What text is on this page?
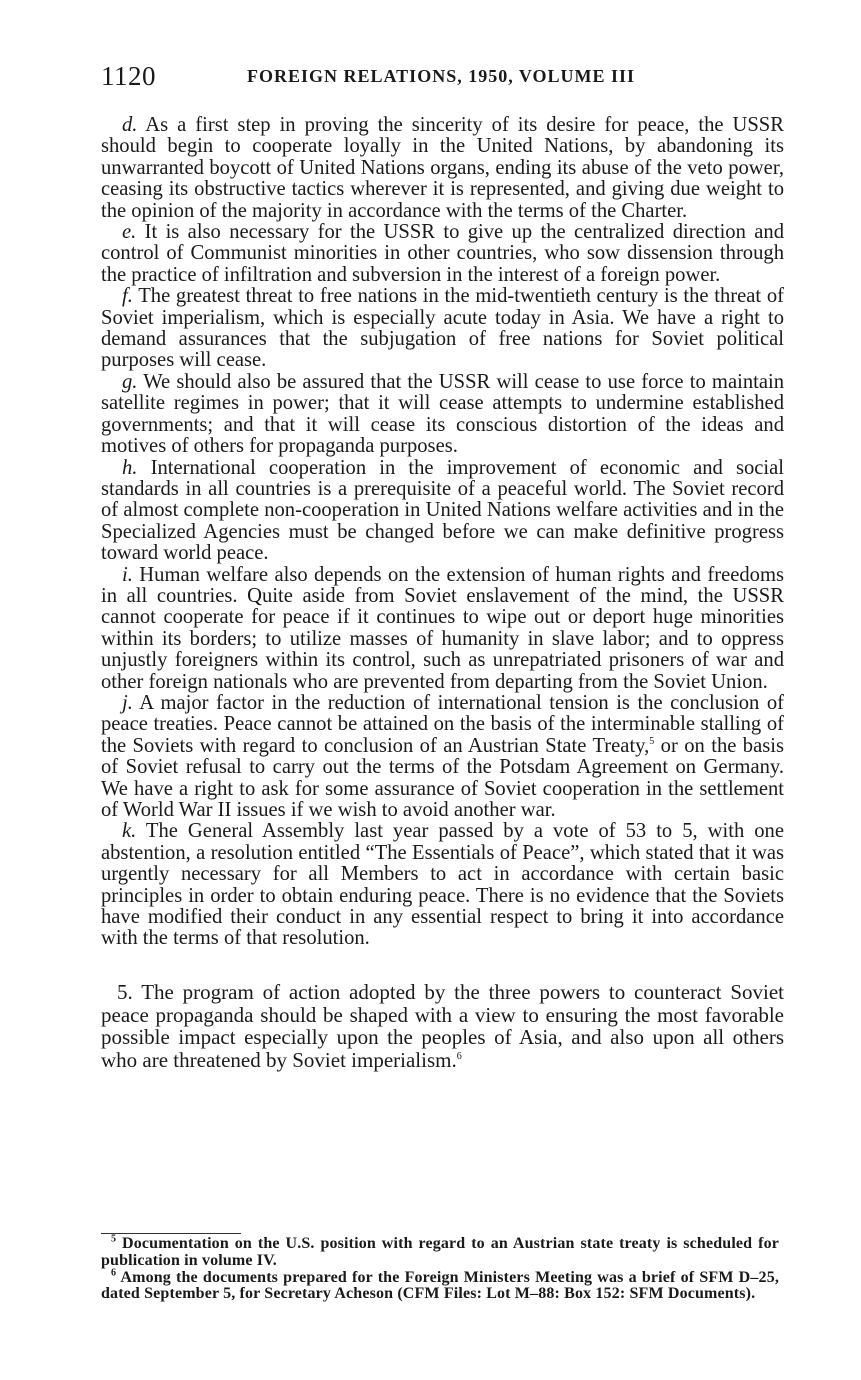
1120	FOREIGN RELATIONS, 1950, VOLUME III

d. As a first step in proving the sincerity of its desire for peace, the USSR should begin to cooperate loyally in the United Nations, by abandoning its unwarranted boycott of United Nations organs, ending its abuse of the veto power, ceasing its obstructive tactics wherever it is represented, and giving due weight to the opinion of the majority in accordance with the terms of the Charter.

e. It is also necessary for the USSR to give up the centralized direction and control of Communist minorities in other countries, who sow dissension through the practice of infiltration and subversion in the interest of a foreign power.

f. The greatest threat to free nations in the mid-twentieth century is the threat of Soviet imperialism, which is especially acute today in Asia. We have a right to demand assurances that the subjugation of free nations for Soviet political purposes will cease.

g. We should also be assured that the USSR will cease to use force to maintain satellite regimes in power; that it will cease attempts to undermine established governments; and that it will cease its conscious distortion of the ideas and motives of others for propaganda purposes.

h. International cooperation in the improvement of economic and social standards in all countries is a prerequisite of a peaceful world. The Soviet record of almost complete non-cooperation in United Nations welfare activities and in the Specialized Agencies must be changed before we can make definitive progress toward world peace.

i. Human welfare also depends on the extension of human rights and freedoms in all countries. Quite aside from Soviet enslavement of the mind, the USSR cannot cooperate for peace if it continues to wipe out or deport huge minorities within its borders; to utilize masses of humanity in slave labor; and to oppress unjustly foreigners within its control, such as unrepatriated prisoners of war and other foreign nationals who are prevented from departing from the Soviet Union.

j. A major factor in the reduction of international tension is the conclusion of peace treaties. Peace cannot be attained on the basis of the interminable stalling of the Soviets with regard to conclusion of an Austrian State Treaty,$^5$ or on the basis of Soviet refusal to carry out the terms of the Potsdam Agreement on Germany. We have a right to ask for some assurance of Soviet cooperation in the settlement of World War II issues if we wish to avoid another war.

k. The General Assembly last year passed by a vote of 53 to 5, with one abstention, a resolution entitled “The Essentials of Peace”, which stated that it was urgently necessary for all Members to act in accordance with certain basic principles in order to obtain enduring peace. There is no evidence that the Soviets have modified their conduct in any essential respect to bring it into accordance with the terms of that resolution.

5. The program of action adopted by the three powers to counteract Soviet peace propaganda should be shaped with a view to ensuring the most favorable possible impact especially upon the peoples of Asia, and also upon all others who are threatened by Soviet imperialism.$^6$

$^5$ Documentation on the U.S. position with regard to an Austrian state treaty is scheduled for publication in volume IV.

$^6$ Among the documents prepared for the Foreign Ministers Meeting was a brief of SFM D–25, dated September 5, for Secretary Acheson (CFM Files: Lot M–88: Box 152: SFM Documents).
